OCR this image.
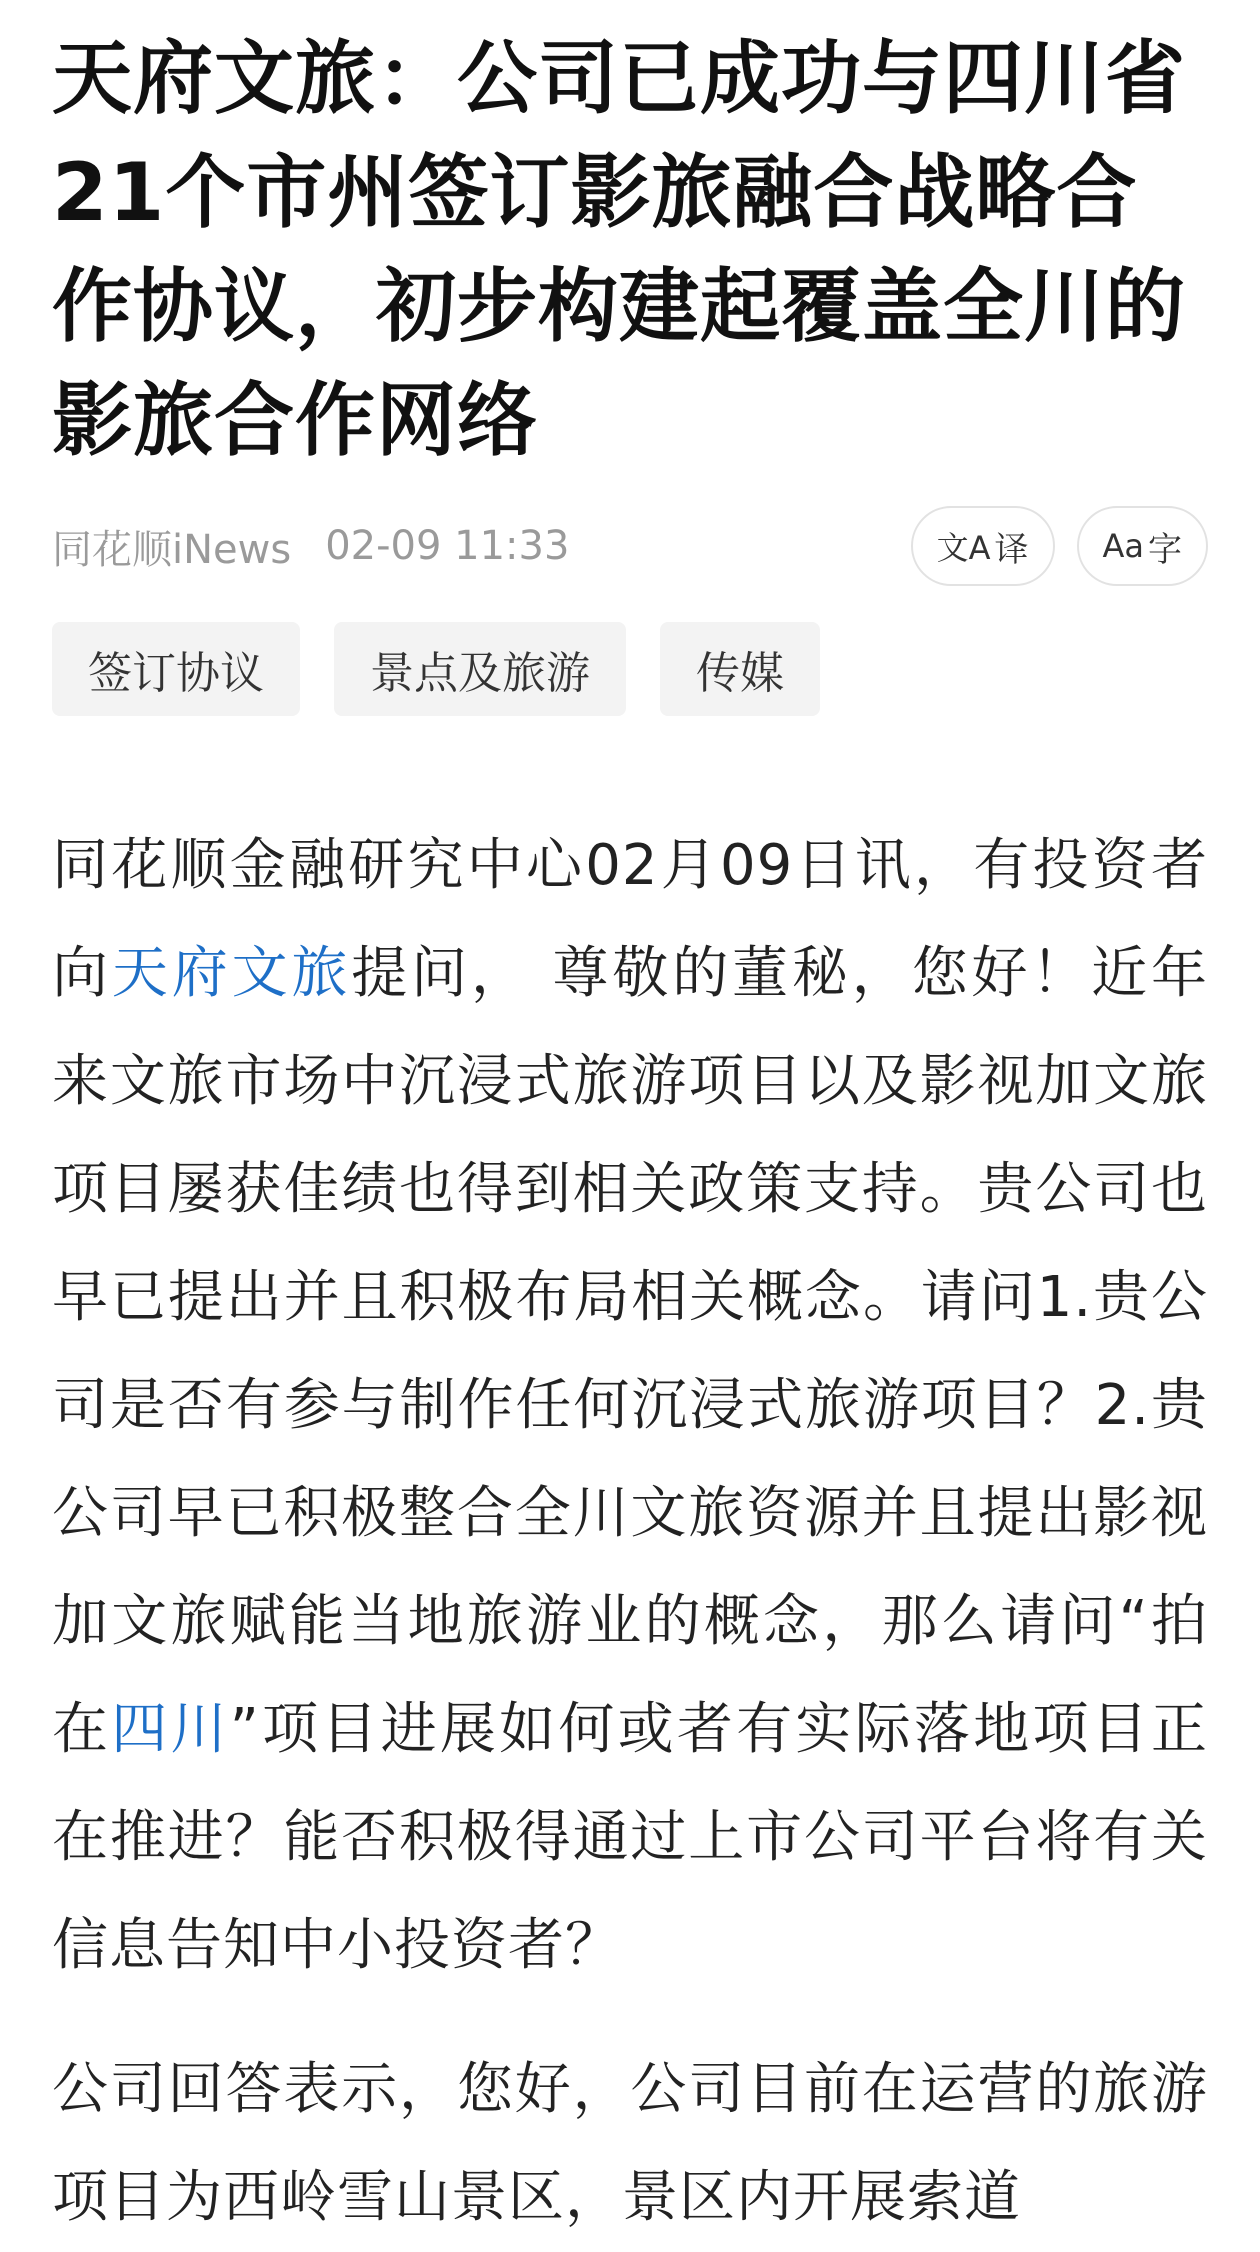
天府文旅：公司已成功与四川省21个市州签订影旅融合战略合作协议，初步构建起覆盖全川的影旅合作网络
同花顺iNews 02-09 11:33	文A 译 Aa 字
签订协议	景点及旅游	传媒

同花顺金融研究中心02月09日讯，有投资者向天府文旅提问， 尊敬的董秘，您好！近年来文旅市场中沉浸式旅游项目以及影视加文旅项目屡获佳绩也得到相关政策支持。贵公司也早已提出并且积极布局相关概念。请问1.贵公司是否有参与制作任何沉浸式旅游项目？2.贵公司早已积极整合全川文旅资源并且提出影视加文旅赋能当地旅游业的概念，那么请问“拍在四川”项目进展如何或者有实际落地项目正在推进？能否积极得通过上市公司平台将有关信息告知中小投资者？

公司回答表示，您好，公司目前在运营的旅游项目为西岭雪山景区，景区内开展索道
